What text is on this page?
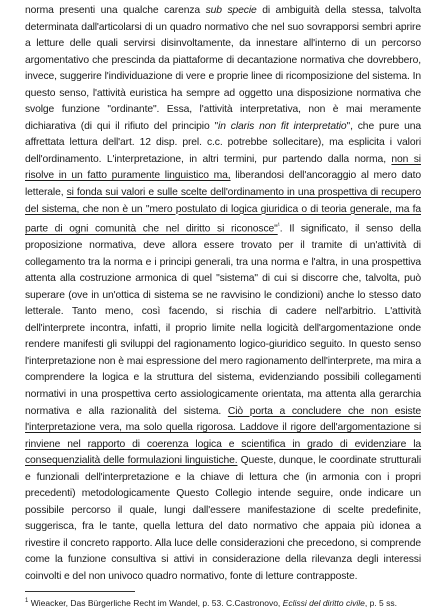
norma presenti una qualche carenza sub specie di ambiguità della stessa, talvolta determinata dall'articolarsi di un quadro normativo che nel suo sovrapporsi sembri aprire a letture delle quali servirsi disinvoltamente, da innestare all'interno di un percorso argomentativo che prescinda da piattaforme di decantazione normativa che dovrebbero, invece, suggerire l'individuazione di vere e proprie linee di ricomposizione del sistema. In questo senso, l'attività euristica ha sempre ad oggetto una disposizione normativa che svolge funzione "ordinante". Essa, l'attività interpretativa, non è mai meramente dichiarativa (di qui il rifiuto del principio "in claris non fit interpretatio", che pure una affrettata lettura dell'art. 12 disp. prel. c.c. potrebbe sollecitare), ma esplicita i valori dell'ordinamento. L'interpretazione, in altri termini, pur partendo dalla norma, non si risolve in un fatto puramente linguistico ma, liberandosi dell'ancoraggio al mero dato letterale, si fonda sui valori e sulle scelte dell'ordinamento in una prospettiva di recupero del sistema, che non è un "mero postulato di logica giuridica o di teoria generale, ma fa parte di ogni comunità che nel diritto si riconosce"$^{^1}$. Il significato, il senso della proposizione normativa, deve allora essere trovato per il tramite di un'attività di collegamento tra la norma e i principi generali, tra una norma e l'altra, in una prospettiva attenta alla costruzione armonica di quel "sistema" di cui si discorre che, talvolta, può superare (ove in un'ottica di sistema se ne ravvisino le condizioni) anche lo stesso dato letterale. Tanto meno, così facendo, si rischia di cadere nell'arbitrio. L'attività dell'interprete incontra, infatti, il proprio limite nella logicità dell'argomentazione onde rendere manifesti gli sviluppi del ragionamento logico-giuridico seguito. In questo senso l'interpretazione non è mai espressione del mero ragionamento dell'interprete, ma mira a comprendere la logica e la struttura del sistema, evidenziando possibili collegamenti normativi in una prospettiva certo assiologicamente orientata, ma attenta alla gerarchia normativa e alla razionalità del sistema. Ciò porta a concludere che non esiste l'interpretazione vera, ma solo quella rigorosa. Laddove il rigore dell'argomentazione si rinviene nel rapporto di coerenza logica e scientifica in grado di evidenziare la consequenzialità delle formulazioni linguistiche. Queste, dunque, le coordinate strutturali e funzionali dell'interpretazione e la chiave di lettura che (in armonia con i propri precedenti) metodologicamente Questo Collegio intende seguire, onde indicare un possibile percorso il quale, lungi dall'essere manifestazione di scelte predefinite, suggerisca, fra le tante, quella lettura del dato normativo che appaia più idonea a rivestire il concreto rapporto. Alla luce delle considerazioni che precedono, si comprende come la funzione consultiva si attivi in considerazione della rilevanza degli interessi coinvolti e del non univoco quadro normativo, fonte di letture contrapposte.
$^1$ Wieacker, Das Bürgerliche Recht im Wandel, p. 53. C.Castronovo, Eclissi del diritto civile, p. 5 ss.
